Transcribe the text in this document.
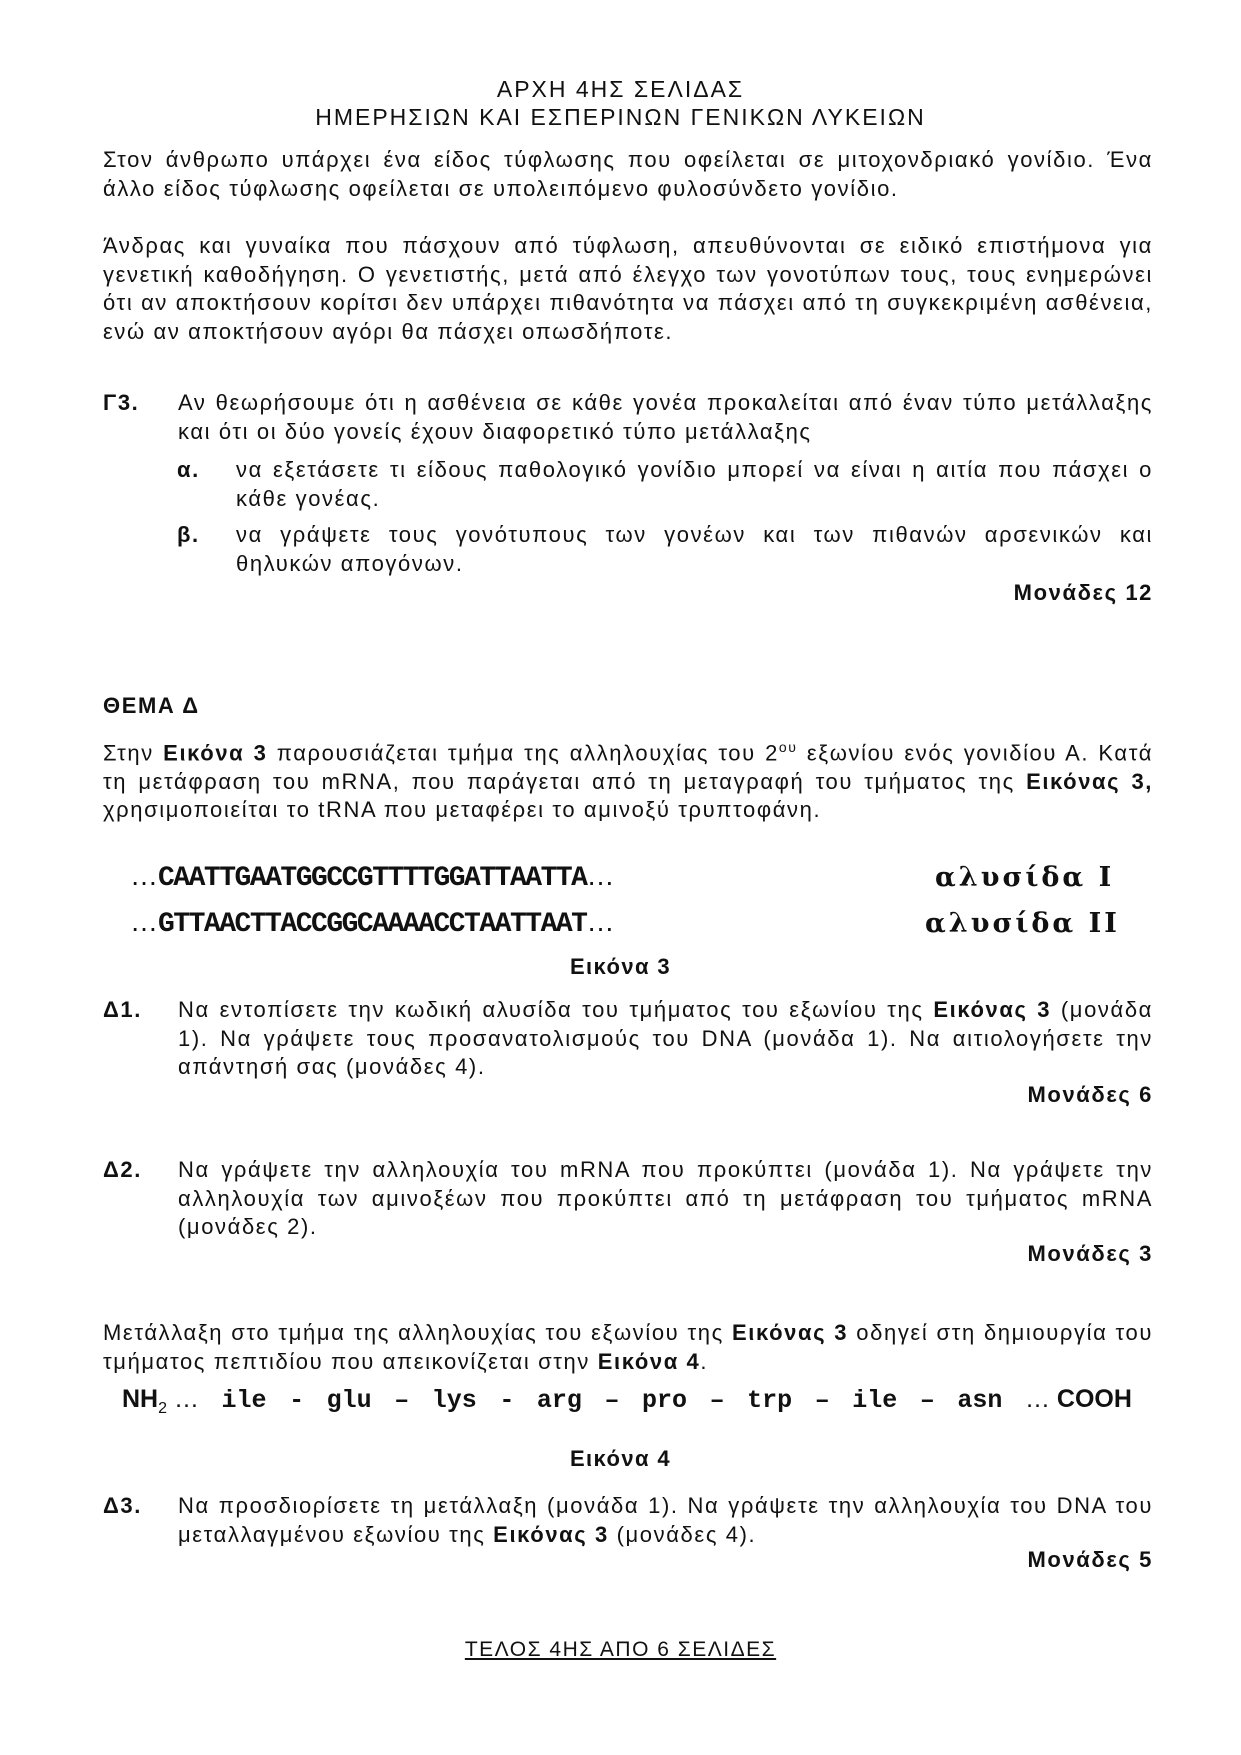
ΑΡΧΗ 4ΗΣ ΣΕΛΙΔΑΣ
ΗΜΕΡΗΣΙΩΝ ΚΑΙ ΕΣΠΕΡΙΝΩΝ ΓΕΝΙΚΩΝ ΛΥΚΕΙΩΝ
Στον άνθρωπο υπάρχει ένα είδος τύφλωσης που οφείλεται σε μιτοχονδριακό γονίδιο. Ένα άλλο είδος τύφλωσης οφείλεται σε υπολειπόμενο φυλοσύνδετο γονίδιο.
Άνδρας και γυναίκα που πάσχουν από τύφλωση, απευθύνονται σε ειδικό επιστήμονα για γενετική καθοδήγηση. Ο γενετιστής, μετά από έλεγχο των γονοτύπων τους, τους ενημερώνει ότι αν αποκτήσουν κορίτσι δεν υπάρχει πιθανότητα να πάσχει από τη συγκεκριμένη ασθένεια, ενώ αν αποκτήσουν αγόρι θα πάσχει οπωσδήποτε.
Γ3. Αν θεωρήσουμε ότι η ασθένεια σε κάθε γονέα προκαλείται από έναν τύπο μετάλλαξης και ότι οι δύο γονείς έχουν διαφορετικό τύπο μετάλλαξης
α. να εξετάσετε τι είδους παθολογικό γονίδιο μπορεί να είναι η αιτία που πάσχει ο κάθε γονέας.
β. να γράψετε τους γονότυπους των γονέων και των πιθανών αρσενικών και θηλυκών απογόνων.
Μονάδες 12
ΘΕΜΑ Δ
Στην Εικόνα 3 παρουσιάζεται τμήμα της αλληλουχίας του $2^{o\upsilon}$ εξωνίου ενός γονιδίου Α. Κατά τη μετάφραση του mRNA, που παράγεται από τη μεταγραφή του τμήματος της Εικόνας 3, χρησιμοποιείται το tRNA που μεταφέρει το αμινοξύ τρυπτοφάνη.
…CAATTGAATGGCCGTTTTGGATTAATTA…	αλυσίδα I
…GTTAACTTACCGGCAAAACCTAATTAAT…	αλυσίδα II
Εικόνα 3
Δ1. Να εντοπίσετε την κωδική αλυσίδα του τμήματος του εξωνίου της Εικόνας 3 (μονάδα 1). Να γράψετε τους προσανατολισμούς του DNA (μονάδα 1). Να αιτιολογήσετε την απάντησή σας (μονάδες 4).
Μονάδες 6
Δ2. Να γράψετε την αλληλουχία του mRNA που προκύπτει (μονάδα 1). Να γράψετε την αλληλουχία των αμινοξέων που προκύπτει από τη μετάφραση του τμήματος mRNA (μονάδες 2).
Μονάδες 3
Μετάλλαξη στο τμήμα της αλληλουχίας του εξωνίου της Εικόνας 3 οδηγεί στη δημιουργία του τμήματος πεπτιδίου που απεικονίζεται στην Εικόνα 4.
$NH_2$ … ile - glu – lys - arg – pro – trp – ile – asn … COOH
Εικόνα 4
Δ3. Να προσδιορίσετε τη μετάλλαξη (μονάδα 1). Να γράψετε την αλληλουχία του DNA του μεταλλαγμένου εξωνίου της Εικόνας 3 (μονάδες 4).
Μονάδες 5
ΤΕΛΟΣ 4ΗΣ ΑΠΟ 6 ΣΕΛΙΔΕΣ
